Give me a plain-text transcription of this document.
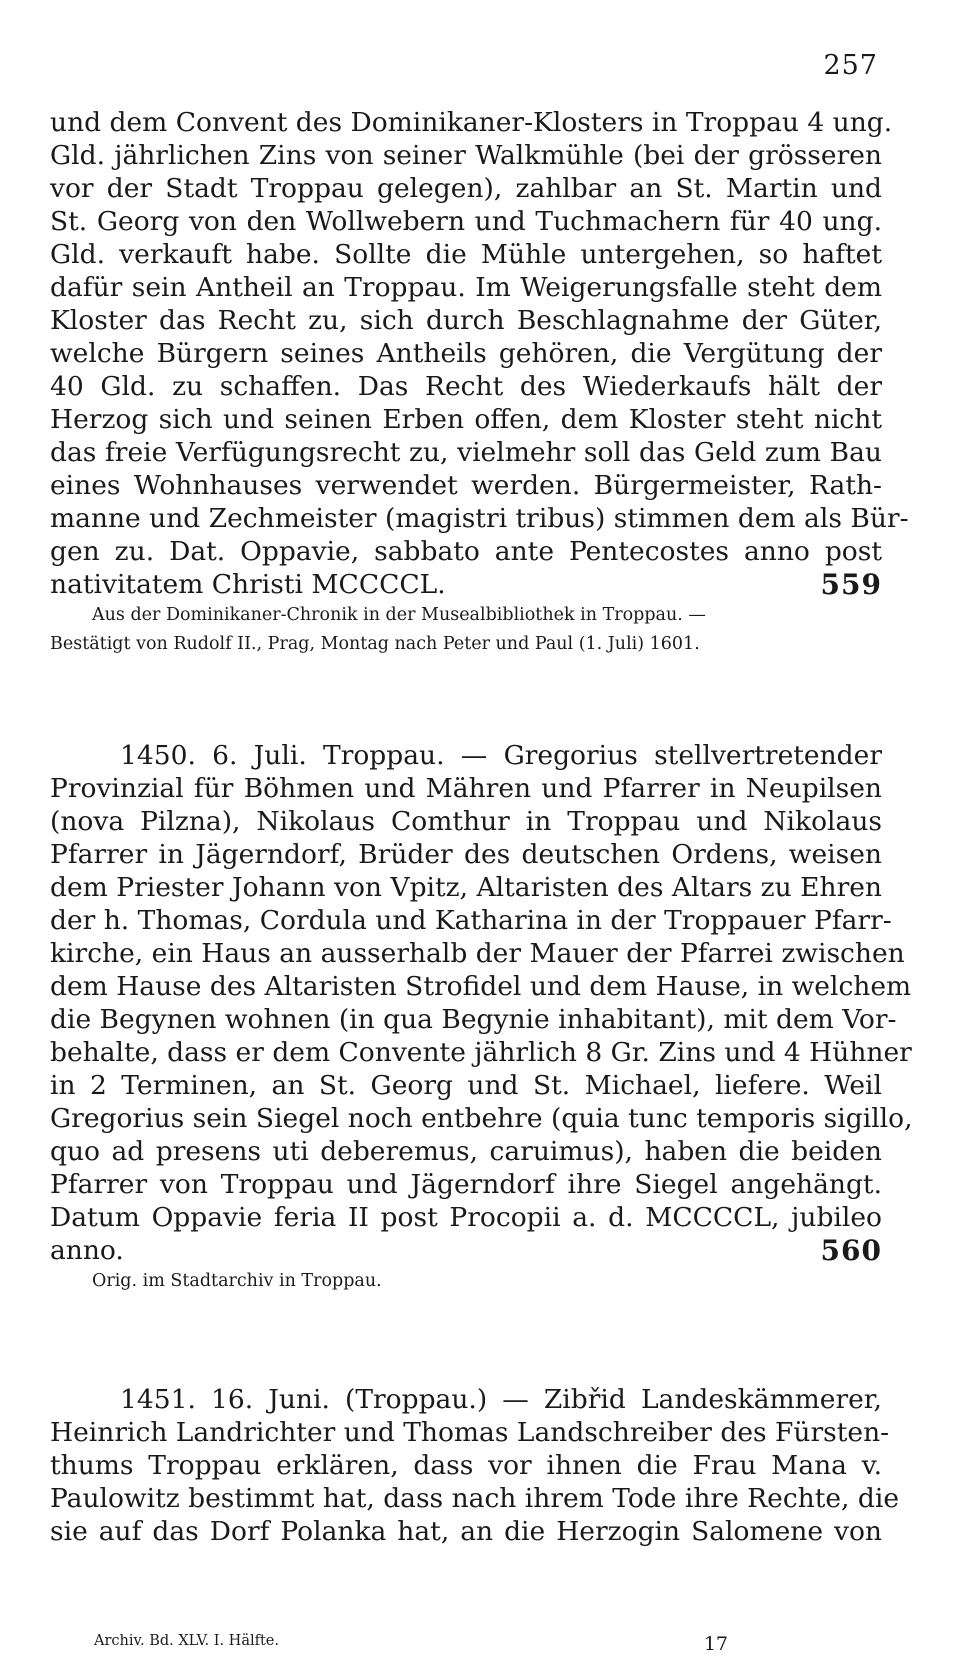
257
und dem Convent des Dominikaner-Klosters in Troppau 4 ung.
Gld. jährlichen Zins von seiner Walkmühle (bei der grösseren
vor der Stadt Troppau gelegen), zahlbar an St. Martin und
St. Georg von den Wollwebern und Tuchmachern für 40 ung.
Gld. verkauft habe. Sollte die Mühle untergehen, so haftet
dafür sein Antheil an Troppau. Im Weigerungsfalle steht dem
Kloster das Recht zu, sich durch Beschlagnahme der Güter,
welche Bürgern seines Antheils gehören, die Vergütung der
40 Gld. zu schaffen. Das Recht des Wiederkaufs hält der
Herzog sich und seinen Erben offen, dem Kloster steht nicht
das freie Verfügungsrecht zu, vielmehr soll das Geld zum Bau
eines Wohnhauses verwendet werden. Bürgermeister, Rath-
manne und Zechmeister (magistri tribus) stimmen dem als Bür-
gen zu. Dat. Oppavie, sabbato ante Pentecostes anno post
nativitatem Christi MCCCCL.	559
Aus der Dominikaner-Chronik in der Musealbibliothek in Troppau. —
Bestätigt von Rudolf II., Prag, Montag nach Peter und Paul (1. Juli) 1601.
1450. 6. Juli. Troppau. — Gregorius stellvertretender
Provinzial für Böhmen und Mähren und Pfarrer in Neupilsen
(nova Pilzna), Nikolaus Comthur in Troppau und Nikolaus
Pfarrer in Jägerndorf, Brüder des deutschen Ordens, weisen
dem Priester Johann von Vpitz, Altaristen des Altars zu Ehren
der h. Thomas, Cordula und Katharina in der Troppauer Pfarr-
kirche, ein Haus an ausserhalb der Mauer der Pfarrei zwischen
dem Hause des Altaristen Strofidel und dem Hause, in welchem
die Begynen wohnen (in qua Begynie inhabitant), mit dem Vor-
behalte, dass er dem Convente jährlich 8 Gr. Zins und 4 Hühner
in 2 Terminen, an St. Georg und St. Michael, liefere. Weil
Gregorius sein Siegel noch entbehre (quia tunc temporis sigillo,
quo ad presens uti deberemus, caruimus), haben die beiden
Pfarrer von Troppau und Jägerndorf ihre Siegel angehängt.
Datum Oppavie feria II post Procopii a. d. MCCCCL, jubileo
anno.	560
Orig. im Stadtarchiv in Troppau.
1451. 16. Juni. (Troppau.) — Zibřid Landeskämmerer,
Heinrich Landrichter und Thomas Landschreiber des Fürsten-
thums Troppau erklären, dass vor ihnen die Frau Mana v.
Paulowitz bestimmt hat, dass nach ihrem Tode ihre Rechte, die
sie auf das Dorf Polanka hat, an die Herzogin Salomene von
Archiv. Bd. XLV. I. Hälfte.	17
